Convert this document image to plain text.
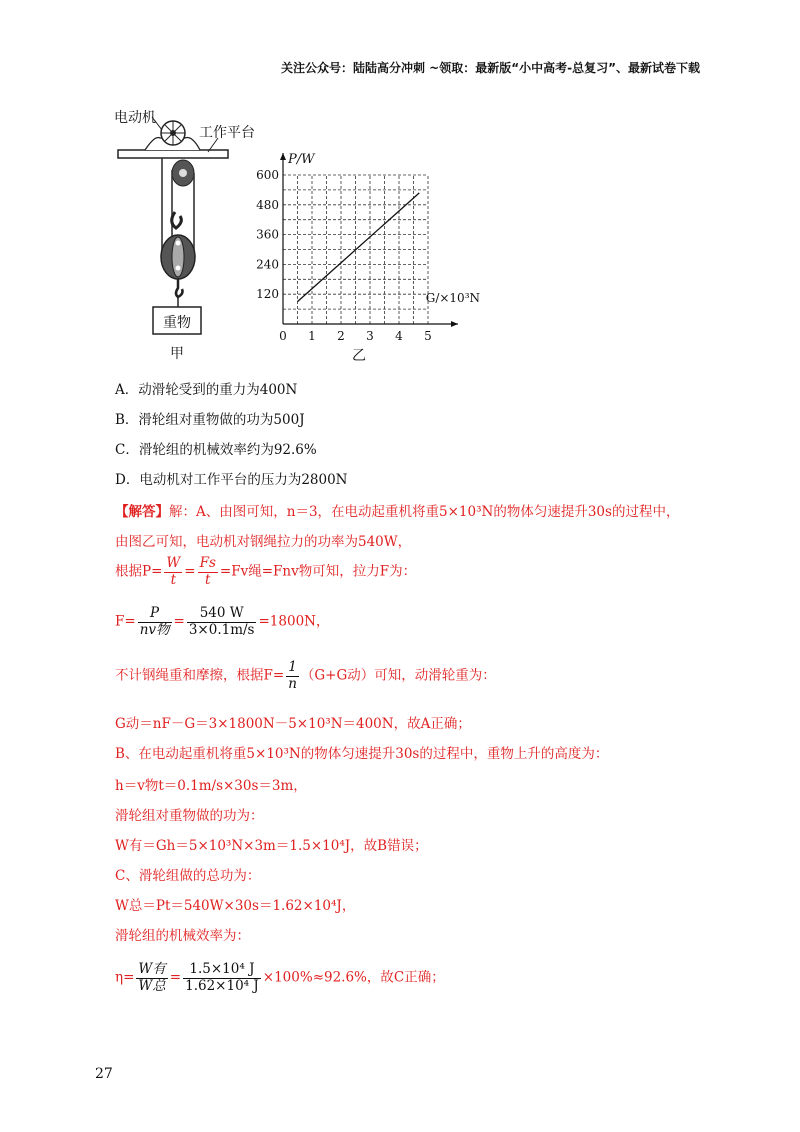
关注公众号：陆陆高分冲刺 ~领取：最新版“小中高考-总复习”、最新试卷下载
电动机
工作平台
重物
甲
0 1 2 3 4 5
120
240
360
480
600
P/W
G/×10³N
乙
A．动滑轮受到的重力为400N
B．滑轮组对重物做的功为500J
C．滑轮组的机械效率约为92.6%
D．电动机对工作平台的压力为2800N
【解答】解：A、由图可知，n＝3，在电动起重机将重5×10³N的物体匀速提升30s的过程中，
由图乙可知，电动机对钢绳拉力的功率为540W，
根据$P= \frac{W}{t} = \frac{Fs}{t} =Fv$绳=Fnv物可知，拉力F为：
$F= \frac{P}{\text{nv物}} = \frac{540 W}{3\times 0.1m/s} =1800N$，
不计钢绳重和摩擦，根据$F= \frac{1}{n} (G+G$动）可知，动滑轮重为：
G动＝nF－G＝3×1800N－5×10³N＝400N，故A正确；
B、在电动起重机将重5×10³N的物体匀速提升30s的过程中，重物上升的高度为：
h＝v物t＝0.1m/s×30s＝3m，
滑轮组对重物做的功为：
W有＝Gh＝5×10³N×3m＝1.5×10⁴J，故B错误；
C、滑轮组做的总功为：
W总＝Pt＝540W×30s＝1.62×10⁴J，
滑轮组的机械效率为：
$\eta= \frac{\text{W有}}{\text{W总}} = \frac{\text{1.5×10⁴ J}}{\text{1.62×10⁴ J}} \times 100\%\approx 92.6\%$，故C正确；
27
